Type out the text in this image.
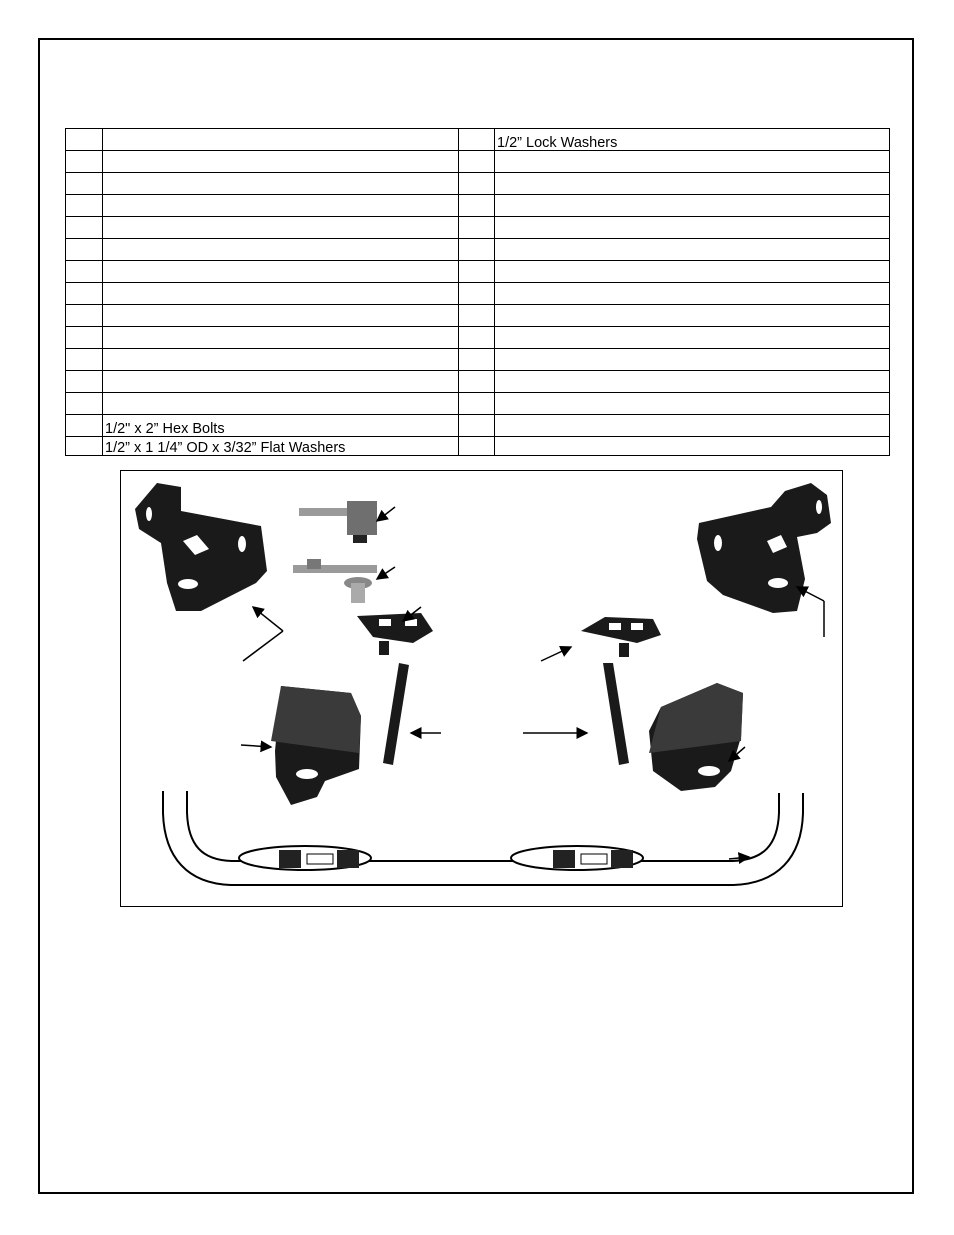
			1/2” Lock Washers

	1/2" x 2” Hex Bolts		
	1/2” x 1 1/4” OD x 3/32” Flat Washers		
